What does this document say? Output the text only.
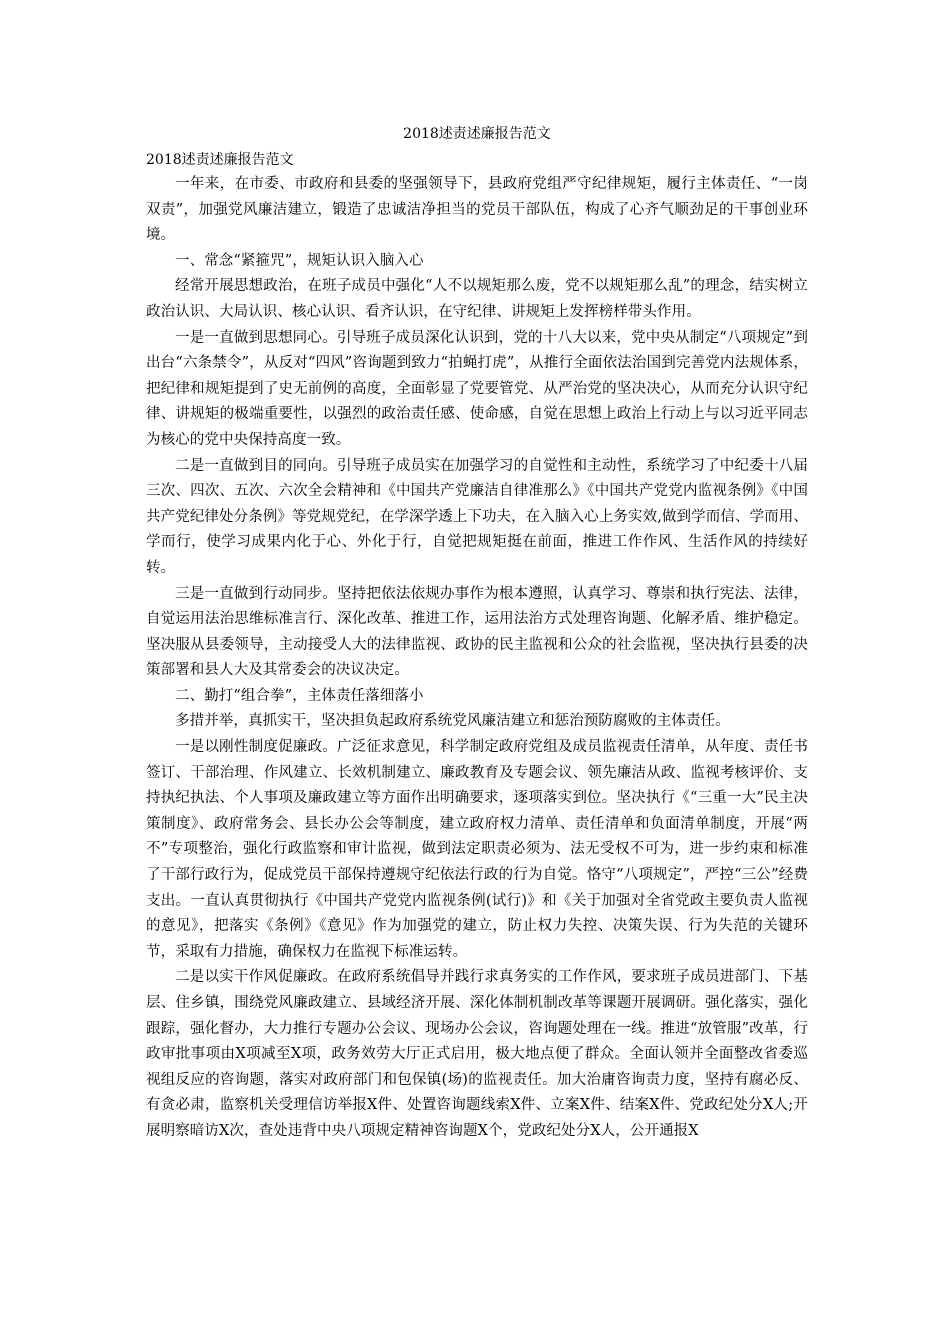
2018述责述廉报告范文
2018述责述廉报告范文

一年来，在市委、市政府和县委的坚强领导下，县政府党组严守纪律规矩，履行主体责任、“一岗双责”，加强党风廉洁建立，锻造了忠诚洁净担当的党员干部队伍，构成了心齐气顺劲足的干事创业环境。

一、常念“紧箍咒”，规矩认识入脑入心

经常开展思想政治，在班子成员中强化“人不以规矩那么废，党不以规矩那么乱”的理念，结实树立政治认识、大局认识、核心认识、看齐认识，在守纪律、讲规矩上发挥榜样带头作用。

一是一直做到思想同心。引导班子成员深化认识到，党的十八大以来，党中央从制定“八项规定”到出台“六条禁令”，从反对“四风”咨询题到致力“拍蝇打虎”，从推行全面依法治国到完善党内法规体系，把纪律和规矩提到了史无前例的高度，全面彰显了党要管党、从严治党的坚决决心，从而充分认识守纪律、讲规矩的极端重要性，以强烈的政治责任感、使命感，自觉在思想上政治上行动上与以习近平同志为核心的党中央保持高度一致。

二是一直做到目的同向。引导班子成员实在加强学习的自觉性和主动性，系统学习了中纪委十八届三次、四次、五次、六次全会精神和《中国共产党廉洁自律准那么》《中国共产党党内监视条例》《中国共产党纪律处分条例》等党规党纪，在学深学透上下功夫，在入脑入心上务实效,做到学而信、学而用、学而行，使学习成果内化于心、外化于行，自觉把规矩挺在前面，推进工作作风、生活作风的持续好转。

三是一直做到行动同步。坚持把依法依规办事作为根本遵照，认真学习、尊崇和执行宪法、法律，自觉运用法治思维标准言行、深化改革、推进工作，运用法治方式处理咨询题、化解矛盾、维护稳定。坚决服从县委领导，主动接受人大的法律监视、政协的民主监视和公众的社会监视，坚决执行县委的决策部署和县人大及其常委会的决议决定。

二、勤打“组合拳”，主体责任落细落小

多措并举，真抓实干，坚决担负起政府系统党风廉洁建立和惩治预防腐败的主体责任。

一是以刚性制度促廉政。广泛征求意见，科学制定政府党组及成员监视责任清单，从年度、责任书签订、干部治理、作风建立、长效机制建立、廉政教育及专题会议、领先廉洁从政、监视考核评价、支持执纪执法、个人事项及廉政建立等方面作出明确要求，逐项落实到位。坚决执行《“三重一大”民主决策制度》、政府常务会、县长办公会等制度，建立政府权力清单、责任清单和负面清单制度，开展“两不”专项整治，强化行政监察和审计监视，做到法定职责必须为、法无受权不可为，进一步约束和标准了干部行政行为，促成党员干部保持遵规守纪依法行政的行为自觉。恪守“八项规定”，严控“三公”经费支出。一直认真贯彻执行《中国共产党党内监视条例(试行)》和《关于加强对全省党政主要负责人监视的意见》，把落实《条例》《意见》作为加强党的建立，防止权力失控、决策失误、行为失范的关键环节，采取有力措施，确保权力在监视下标准运转。

二是以实干作风促廉政。在政府系统倡导并践行求真务实的工作作风，要求班子成员进部门、下基层、住乡镇，围绕党风廉政建立、县域经济开展、深化体制机制改革等课题开展调研。强化落实，强化跟踪，强化督办，大力推行专题办公会议、现场办公会议，咨询题处理在一线。推进“放管服”改革，行政审批事项由X项减至X项，政务效劳大厅正式启用，极大地点便了群众。全面认领并全面整改省委巡视组反应的咨询题，落实对政府部门和包保镇(场)的监视责任。加大治庸咨询责力度，坚持有腐必反、有贪必肃，监察机关受理信访举报X件、处置咨询题线索X件、立案X件、结案X件、党政纪处分X人;开展明察暗访X次，查处违背中央八项规定精神咨询题X个，党政纪处分X人，公开通报X
